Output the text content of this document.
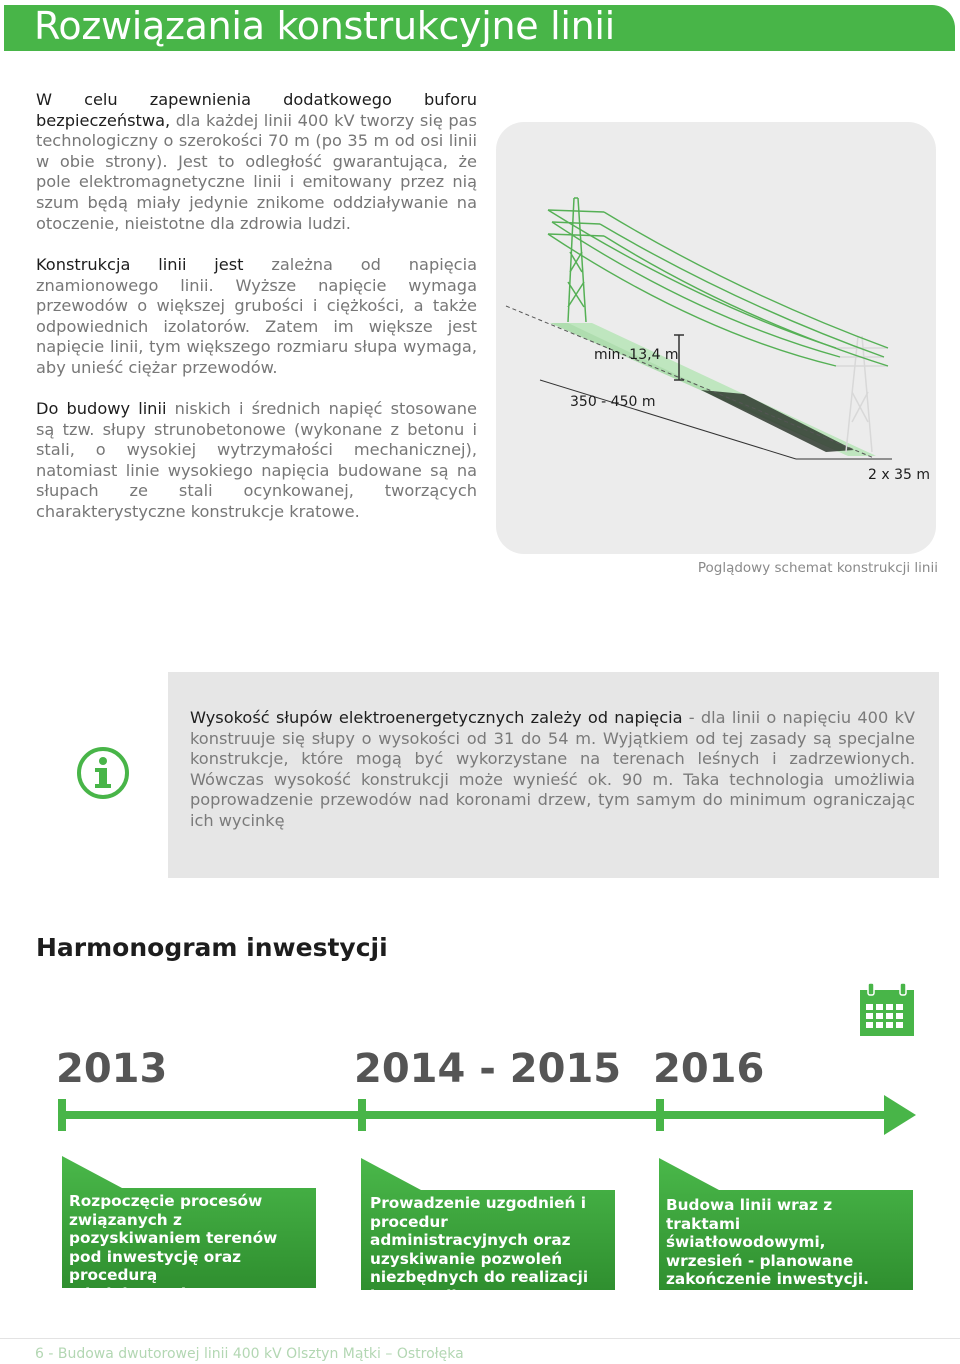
Rozwiązania konstrukcyjne linii

W celu zapewnienia dodatkowego buforu bezpieczeństwa, dla każdej linii 400 kV tworzy się pas technologiczny o szerokości 70 m (po 35 m od osi linii w obie strony). Jest to odległość gwarantująca, że pole elektromagnetyczne linii i emitowany przez nią szum będą miały jedynie znikome oddziaływanie na otoczenie, nieistotne dla zdrowia ludzi.

Konstrukcja linii jest zależna od napięcia znamionowego linii. Wyższe napięcie wymaga przewodów o większej grubości i ciężkości, a także odpowiednich izolatorów. Zatem im większe jest napięcie linii, tym większego rozmiaru słupa wymaga, aby unieść ciężar przewodów.

Do budowy linii niskich i średnich napięć stosowane są tzw. słupy strunobetonowe (wykonane z betonu i stali, o wysokiej wytrzymałości mechanicznej), natomiast linie wysokiego napięcia budowane są na słupach ze stali ocynkowanej, tworzących charakterystyczne konstrukcje kratowe.

min. 13,4 m
350 - 450 m
2 x 35 m
Poglądowy schemat konstrukcji linii

Wysokość słupów elektroenergetycznych zależy od napięcia - dla linii o napięciu 400 kV konstruuje się słupy o wysokości od 31 do 54 m. Wyjątkiem od tej zasady są specjalne konstrukcje, które mogą być wykorzystane na terenach leśnych i zadrzewionych. Wówczas wysokość konstrukcji może wynieść ok. 90 m. Taka technologia umożliwia poprowadzenie przewodów nad koronami drzew, tym samym do minimum ograniczając ich wycinkę

Harmonogram inwestycji
2013	2014 - 2015 2016

Rozpoczęcie procesów związanych z pozyskiwaniem terenów pod inwestycję oraz procedurą administracyjną.

Prowadzenie uzgodnień i procedur administracyjnych oraz uzyskiwanie pozwoleń niezbędnych do realizacji inwestycji.

Budowa linii wraz z traktami światłowodowymi, wrzesień - planowane zakończenie inwestycji.

6 - Budowa dwutorowej linii 400 kV Olsztyn Mątki – Ostrołęka
